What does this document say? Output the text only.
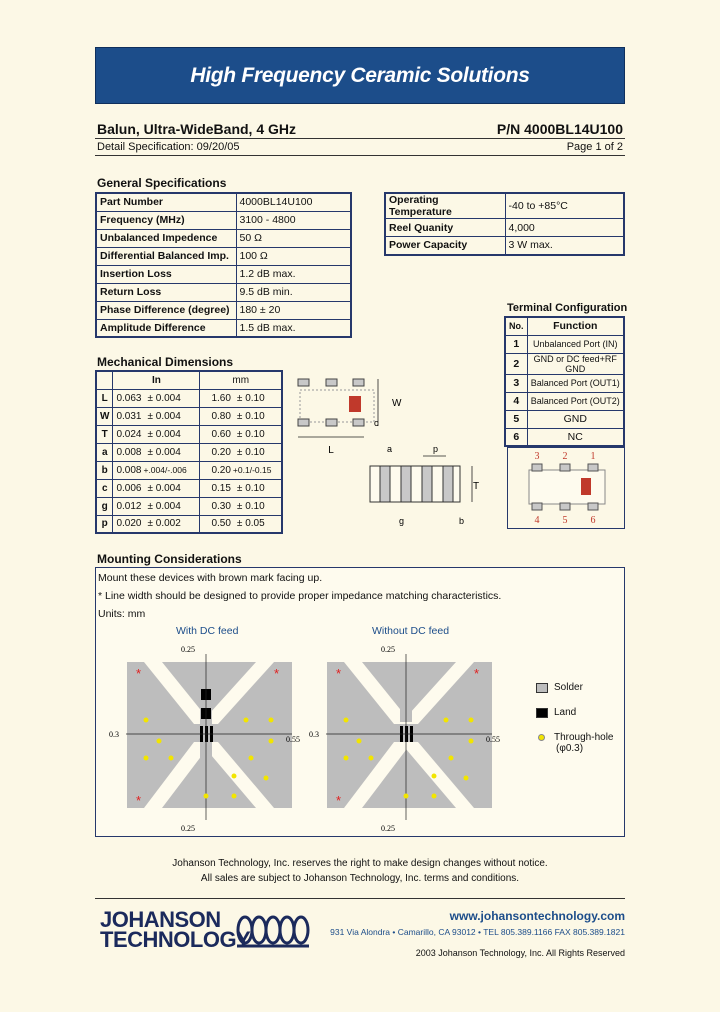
High Frequency Ceramic Solutions
Balun, Ultra-WideBand, 4 GHz	P/N 4000BL14U100
Detail Specification: 09/20/05	Page 1 of 2
General Specifications
Part Number	4000BL14U100
Frequency (MHz)	3100 - 4800
Unbalanced Impedence	50 Ω
Differential Balanced Imp.	100 Ω
Insertion Loss	1.2 dB max.
Return Loss	9.5 dB min.
Phase Difference (degree)	180 ± 20
Amplitude Difference	1.5 dB max.
Operating Temperature	-40 to +85°C
Reel Quanity	4,000
Power Capacity	3 W max.
Terminal Configuration
No.	Function
1	Unbalanced Port (IN)
2	GND or DC feed+RF GND
3	Balanced Port (OUT1)
4	Balanced Port (OUT2)
5	GND
6	NC
3 2 1
4 5 6
Mechanical Dimensions
	In	mm
L	0.063 ± 0.004	1.60 ± 0.10
W	0.031 ± 0.004	0.80 ± 0.10
T	0.024 ± 0.004	0.60 ± 0.10
a	0.008 ± 0.004	0.20 ± 0.10
b	0.008 +.004/-.006	0.20 +0.1/-0.15
c	0.006 ± 0.004	0.15 ± 0.10
g	0.012 ± 0.004	0.30 ± 0.10
p	0.020 ± 0.002	0.50 ± 0.05
W
c
L	a	p
T
g	b
Mounting Considerations
Mount these devices with brown mark facing up.
* Line width should be designed to provide proper impedance matching characteristics.
Units: mm
With DC feed	Without DC feed
0.25
0.3
0.55
0.25
*	*
*
0.25
0.3
0.55
0.25
*	*
*
Solder
Land
Through-hole
(φ0.3)
Johanson Technology, Inc. reserves the right to make design changes without notice.
All sales are subject to Johanson Technology, Inc. terms and conditions.
JOHANSON
TECHNOLOGY
www.johansontechnology.com
931 Via Alondra • Camarillo, CA 93012 • TEL 805.389.1166 FAX 805.389.1821
2003 Johanson Technology, Inc. All Rights Reserved
